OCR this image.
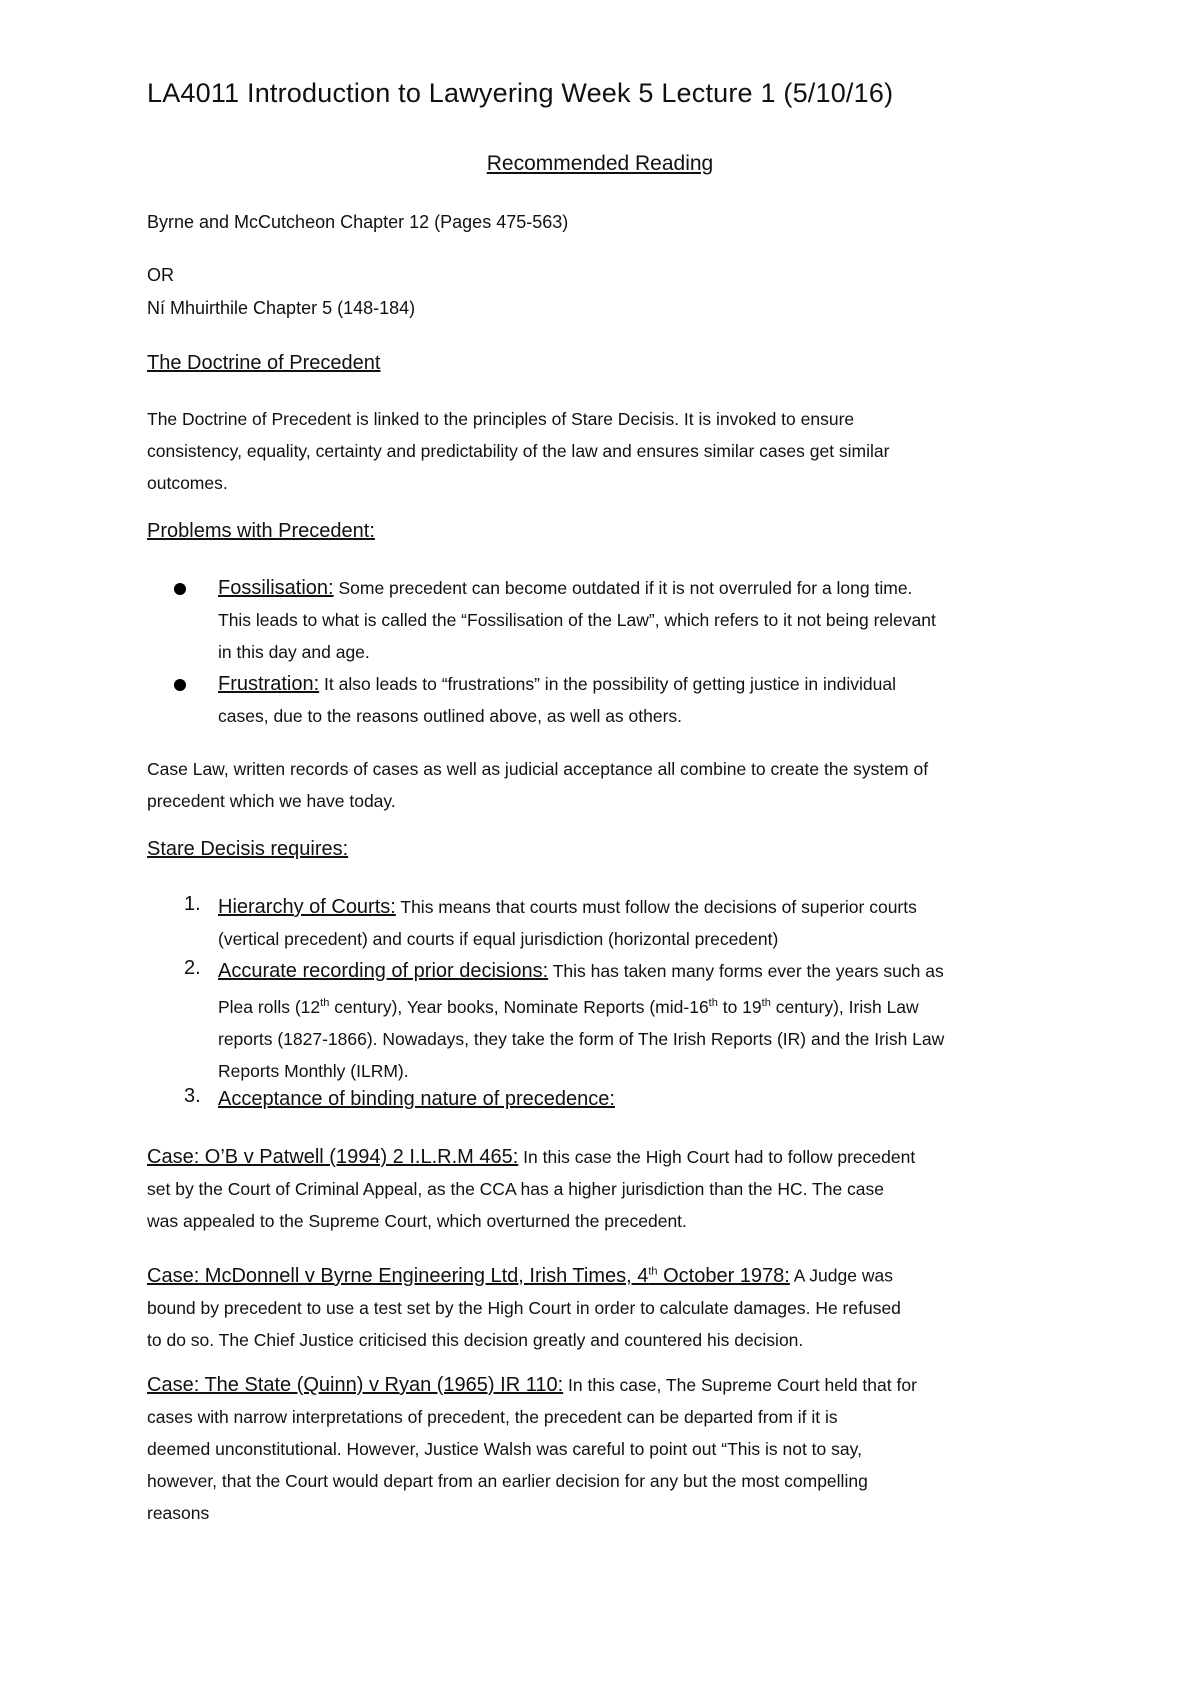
LA4011 Introduction to Lawyering Week 5 Lecture 1 (5/10/16)
Recommended Reading
Byrne and McCutcheon Chapter 12 (Pages 475-563)
OR
Ní Mhuirthile Chapter 5 (148-184)
The Doctrine of Precedent

The Doctrine of Precedent is linked to the principles of Stare Decisis. It is invoked to ensure

consistency, equality, certainty and predictability of the law and ensures similar cases get similar

outcomes.

Problems with Precedent:

Fossilisation: Some precedent can become outdated if it is not overruled for a long time.

This leads to what is called the “Fossilisation of the Law”, which refers to it not being relevant

in this day and age.

Frustration: It also leads to “frustrations” in the possibility of getting justice in individual

cases, due to the reasons outlined above, as well as others.

Case Law, written records of cases as well as judicial acceptance all combine to create the system of

precedent which we have today.

Stare Decisis requires:
1. Hierarchy of Courts: This means that courts must follow the decisions of superior courts

(vertical precedent) and courts if equal jurisdiction (horizontal precedent)

2. Accurate recording of prior decisions: This has taken many forms ever the years such as

Plea rolls (12th century), Year books, Nominate Reports (mid-16th to 19th century), Irish Law

reports (1827-1866). Nowadays, they take the form of The Irish Reports (IR) and the Irish Law

Reports Monthly (ILRM).

3. Acceptance of binding nature of precedence:

Case: O’B v Patwell (1994) 2 I.L.R.M 465: In this case the High Court had to follow precedent

set by the Court of Criminal Appeal, as the CCA has a higher jurisdiction than the HC. The case

was appealed to the Supreme Court, which overturned the precedent.

Case: McDonnell v Byrne Engineering Ltd, Irish Times, 4th October 1978: A Judge was

bound by precedent to use a test set by the High Court in order to calculate damages. He refused

to do so. The Chief Justice criticised this decision greatly and countered his decision.

Case: The State (Quinn) v Ryan (1965) IR 110: In this case, The Supreme Court held that for

cases with narrow interpretations of precedent, the precedent can be departed from if it is

deemed unconstitutional. However, Justice Walsh was careful to point out “This is not to say,

however, that the Court would depart from an earlier decision for any but the most compelling

reasons
